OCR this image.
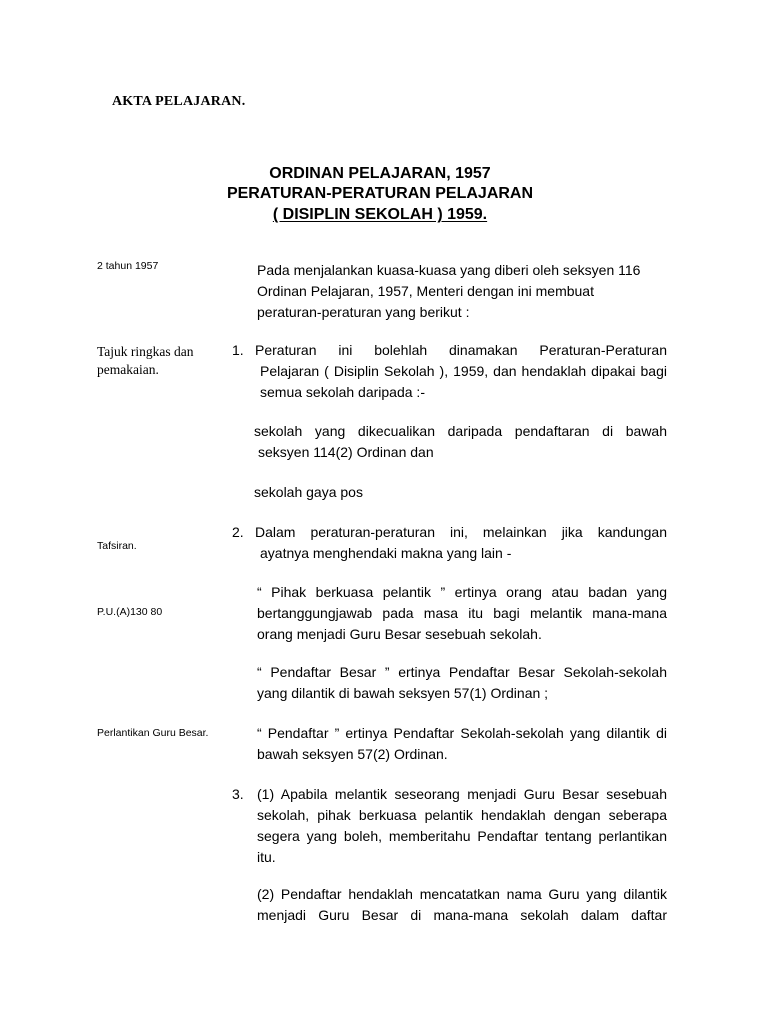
AKTA PELAJARAN.
ORDINAN PELAJARAN, 1957
PERATURAN-PERATURAN PELAJARAN
( DISIPLIN SEKOLAH ) 1959.
2 tahun 1957
Tajuk ringkas dan
pemakaian.
Tafsiran.
P.U.(A)130 80
Perlantikan Guru Besar.
Pada menjalankan kuasa-kuasa yang diberi oleh seksyen 116
Ordinan Pelajaran, 1957, Menteri dengan ini membuat
peraturan-peraturan yang berikut :
1. Peraturan ini bolehlah dinamakan Peraturan-Peraturan
Pelajaran ( Disiplin Sekolah ), 1959, dan hendaklah dipakai bagi
semua sekolah daripada :-
sekolah yang dikecualikan daripada pendaftaran di bawah
seksyen 114(2) Ordinan dan
sekolah gaya pos
2. Dalam peraturan-peraturan ini, melainkan jika kandungan
ayatnya menghendaki makna yang lain -
“ Pihak berkuasa pelantik ” ertinya orang atau badan yang
bertanggungjawab pada masa itu bagi melantik mana-mana
orang menjadi Guru Besar sesebuah sekolah.
“ Pendaftar Besar ” ertinya Pendaftar Besar Sekolah-sekolah
yang dilantik di bawah seksyen 57(1) Ordinan ;
“ Pendaftar ” ertinya Pendaftar Sekolah-sekolah yang dilantik di
bawah seksyen 57(2) Ordinan.
3. (1) Apabila melantik seseorang menjadi Guru Besar sesebuah
sekolah, pihak berkuasa pelantik hendaklah dengan seberapa
segera yang boleh, memberitahu Pendaftar tentang perlantikan
itu.
(2) Pendaftar hendaklah mencatatkan nama Guru yang dilantik
menjadi Guru Besar di mana-mana sekolah dalam daftar
